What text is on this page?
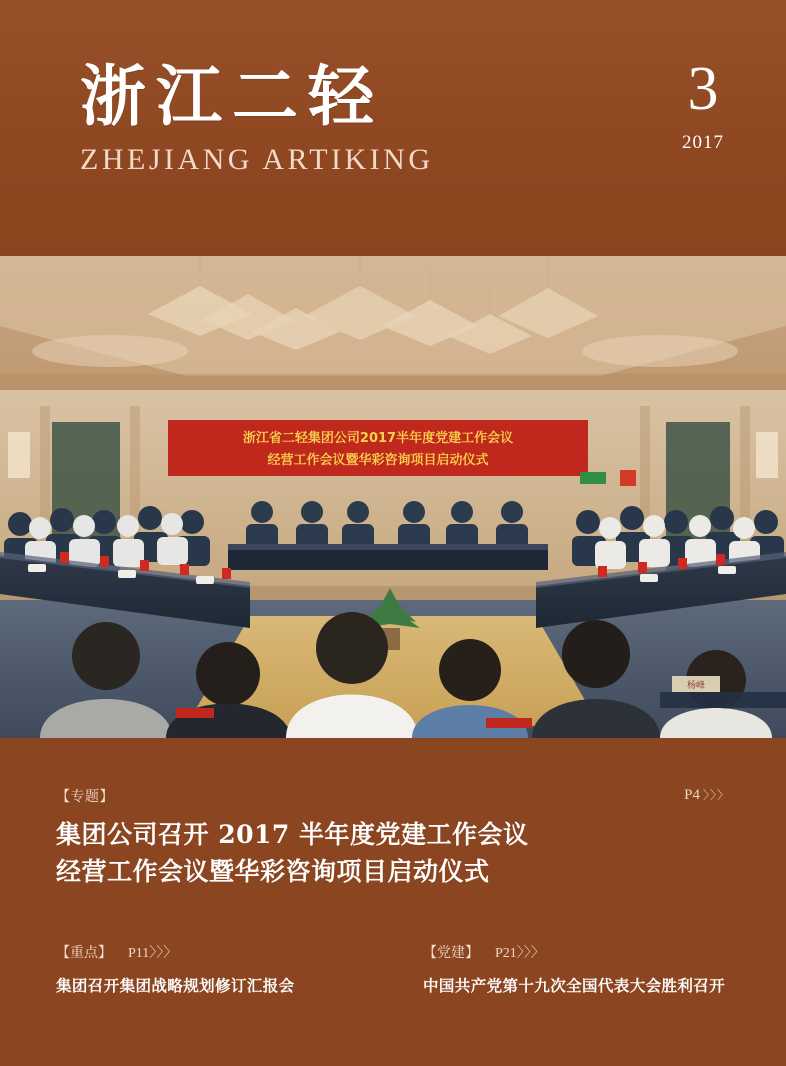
浙江二轻
ZHEJIANG ARTIKING
3
2017
浙江省二轻集团公司2017半年度党建工作会议
经营工作会议暨华彩咨询项目启动仪式
杨峰
【专题】	P4 〉〉〉
集团公司召开 2017 半年度党建工作会议
经营工作会议暨华彩咨询项目启动仪式
【重点】 P11〉〉〉
集团召开集团战略规划修订汇报会
【党建】 P21〉〉〉
中国共产党第十九次全国代表大会胜利召开
